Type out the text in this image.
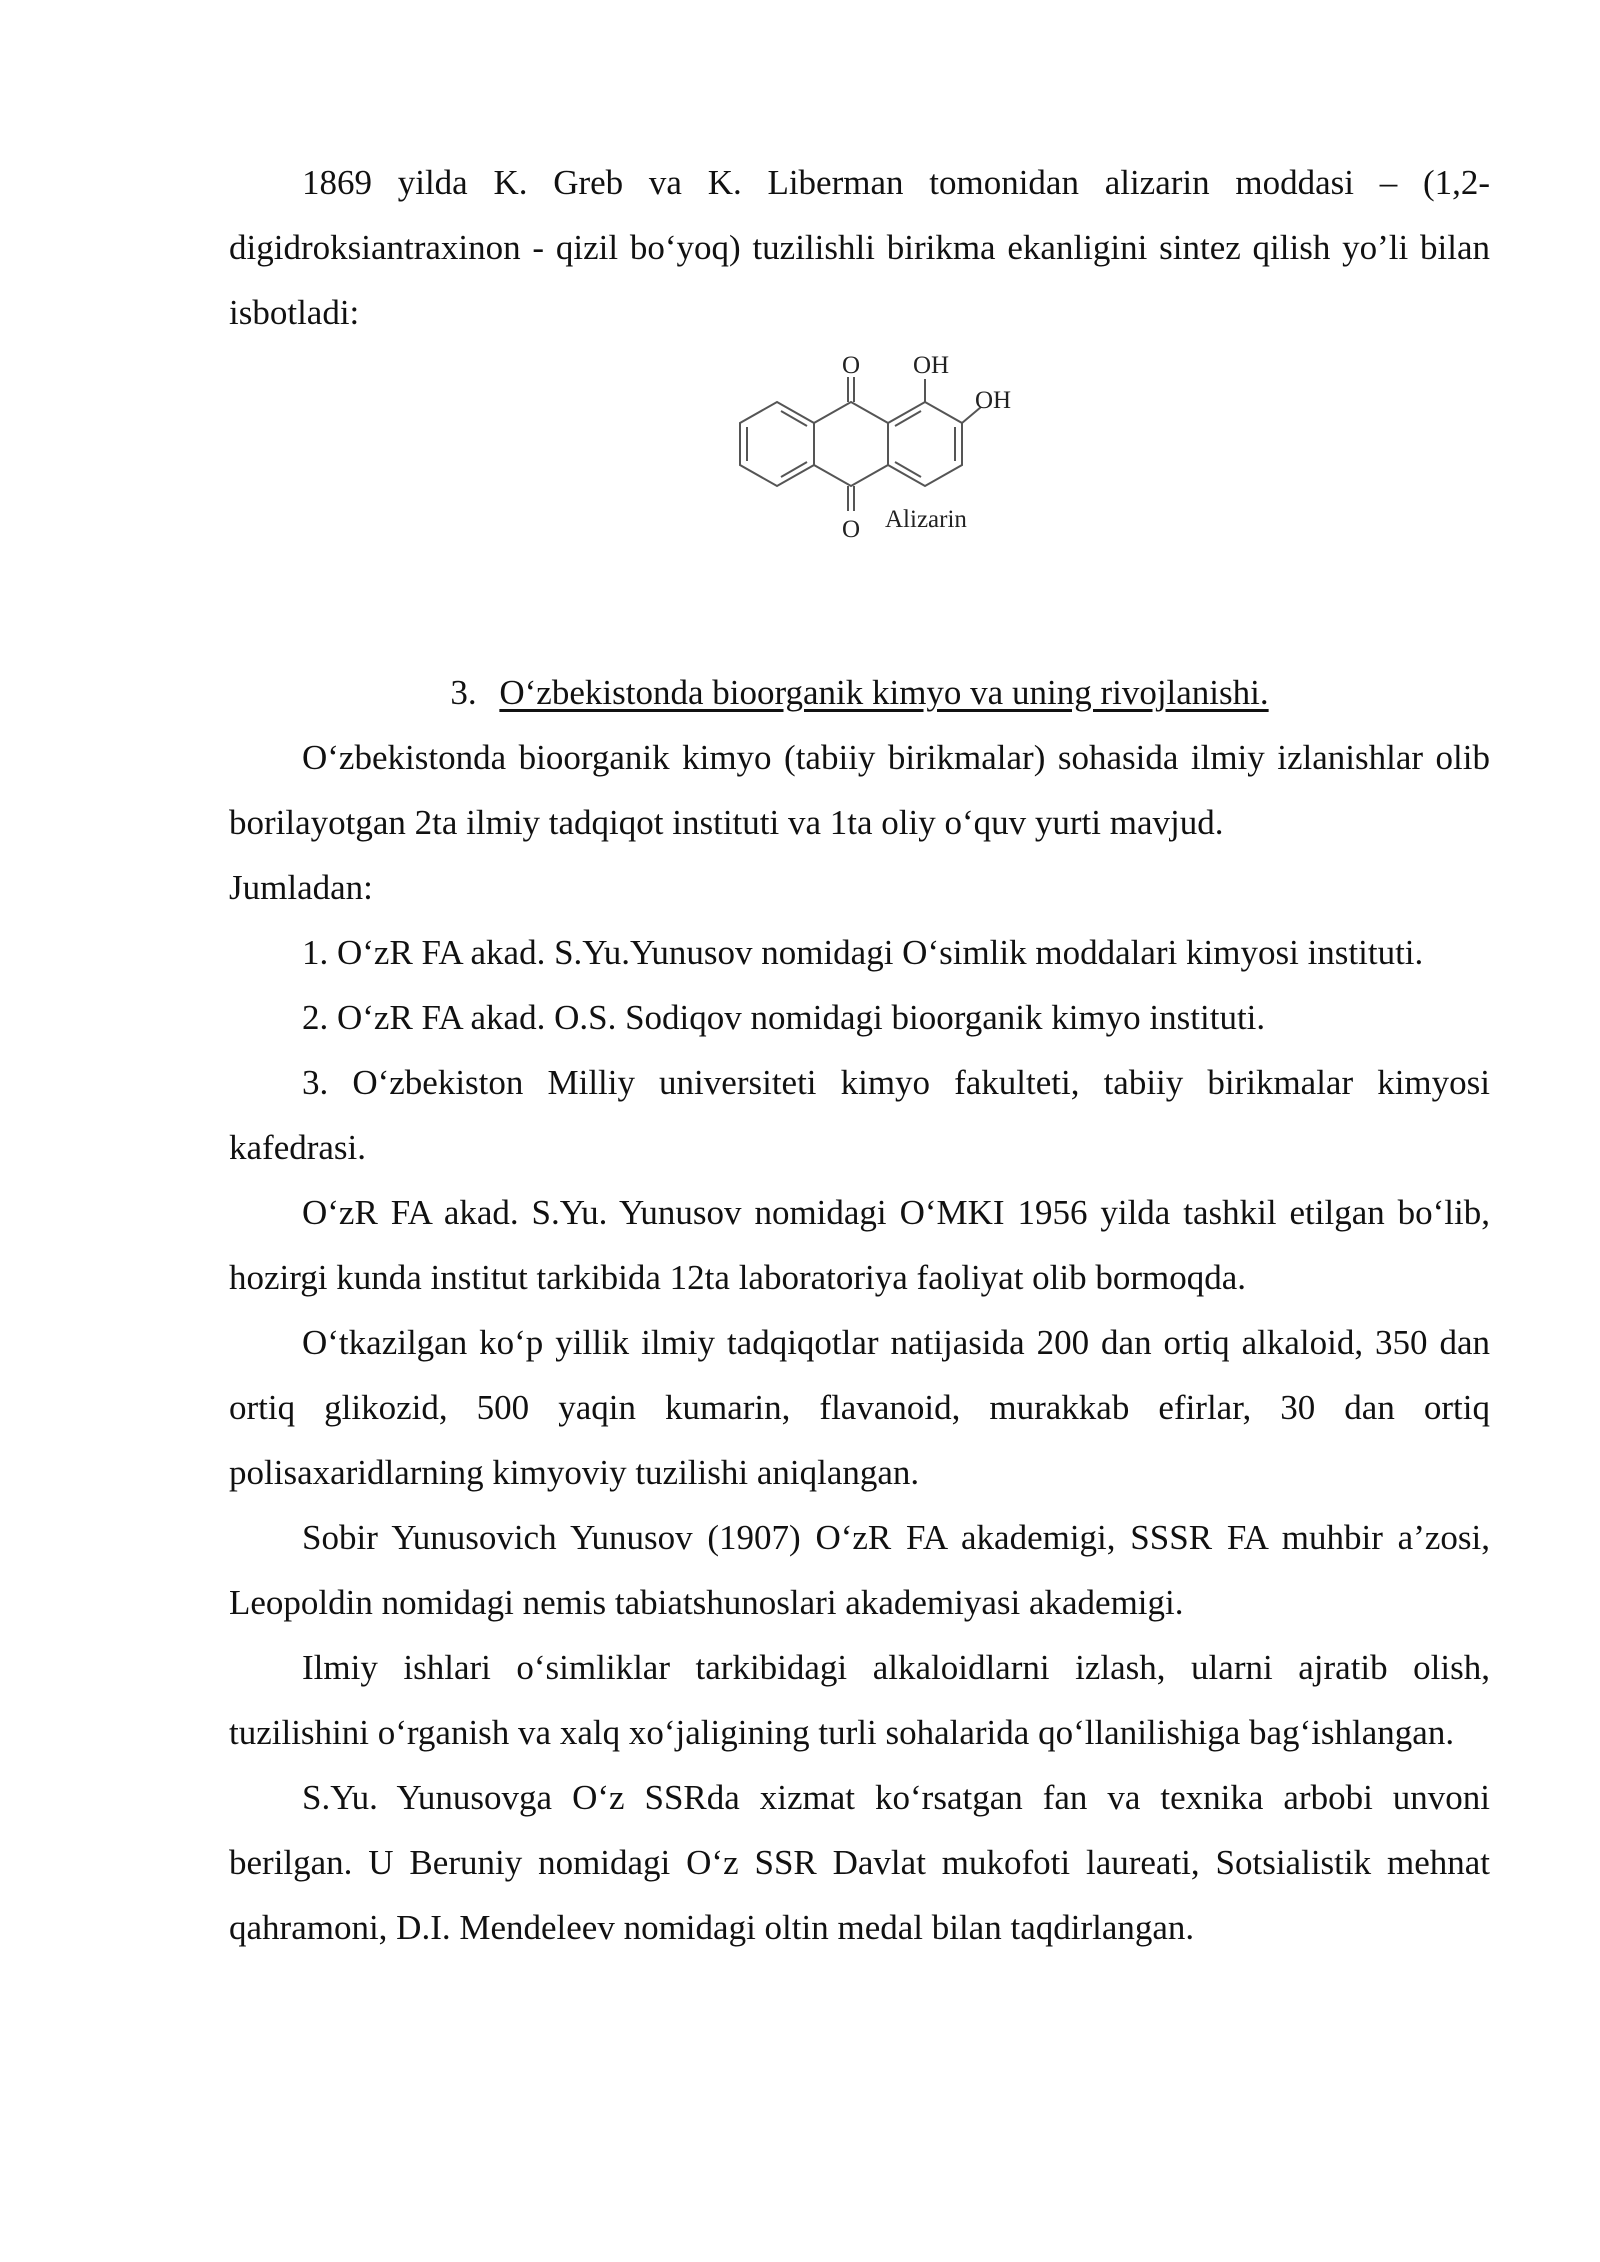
1869 yilda K. Greb va K. Liberman tomonidan alizarin moddasi – (1,2-digidroksiantraxinon - qizil bo‘yoq) tuzilishli birikma ekanligini sintez qilish yo’li bilan isbotladi:

O OH
OH
O Alizarin
3. O‘zbekistonda bioorganik kimyo va uning rivojlanishi.

O‘zbekistonda bioorganik kimyo (tabiiy birikmalar) sohasida ilmiy izlanishlar olib borilayotgan 2ta ilmiy tadqiqot instituti va 1ta oliy o‘quv yurti mavjud.

Jumladan:

1. O‘zR FA akad. S.Yu.Yunusov nomidagi O‘simlik moddalari kimyosi instituti.

2. O‘zR FA akad. O.S. Sodiqov nomidagi bioorganik kimyo instituti.

3. O‘zbekiston Milliy universiteti kimyo fakulteti, tabiiy birikmalar kimyosi kafedrasi.

O‘zR FA akad. S.Yu. Yunusov nomidagi O‘MKI 1956 yilda tashkil etilgan bo‘lib, hozirgi kunda institut tarkibida 12ta laboratoriya faoliyat olib bormoqda.

O‘tkazilgan ko‘p yillik ilmiy tadqiqotlar natijasida 200 dan ortiq alkaloid, 350 dan ortiq glikozid, 500 yaqin kumarin, flavanoid, murakkab efirlar, 30 dan ortiq polisaxaridlarning kimyoviy tuzilishi aniqlangan.

Sobir Yunusovich Yunusov (1907) O‘zR FA akademigi, SSSR FA muhbir a’zosi, Leopoldin nomidagi nemis tabiatshunoslari akademiyasi akademigi.

Ilmiy ishlari o‘simliklar tarkibidagi alkaloidlarni izlash, ularni ajratib olish, tuzilishini o‘rganish va xalq xo‘jaligining turli sohalarida qo‘llanilishiga bag‘ishlangan.

S.Yu. Yunusovga O‘z SSRda xizmat ko‘rsatgan fan va texnika arbobi unvoni berilgan. U Beruniy nomidagi O‘z SSR Davlat mukofoti laureati, Sotsialistik mehnat qahramoni, D.I. Mendeleev nomidagi oltin medal bilan taqdirlangan.
